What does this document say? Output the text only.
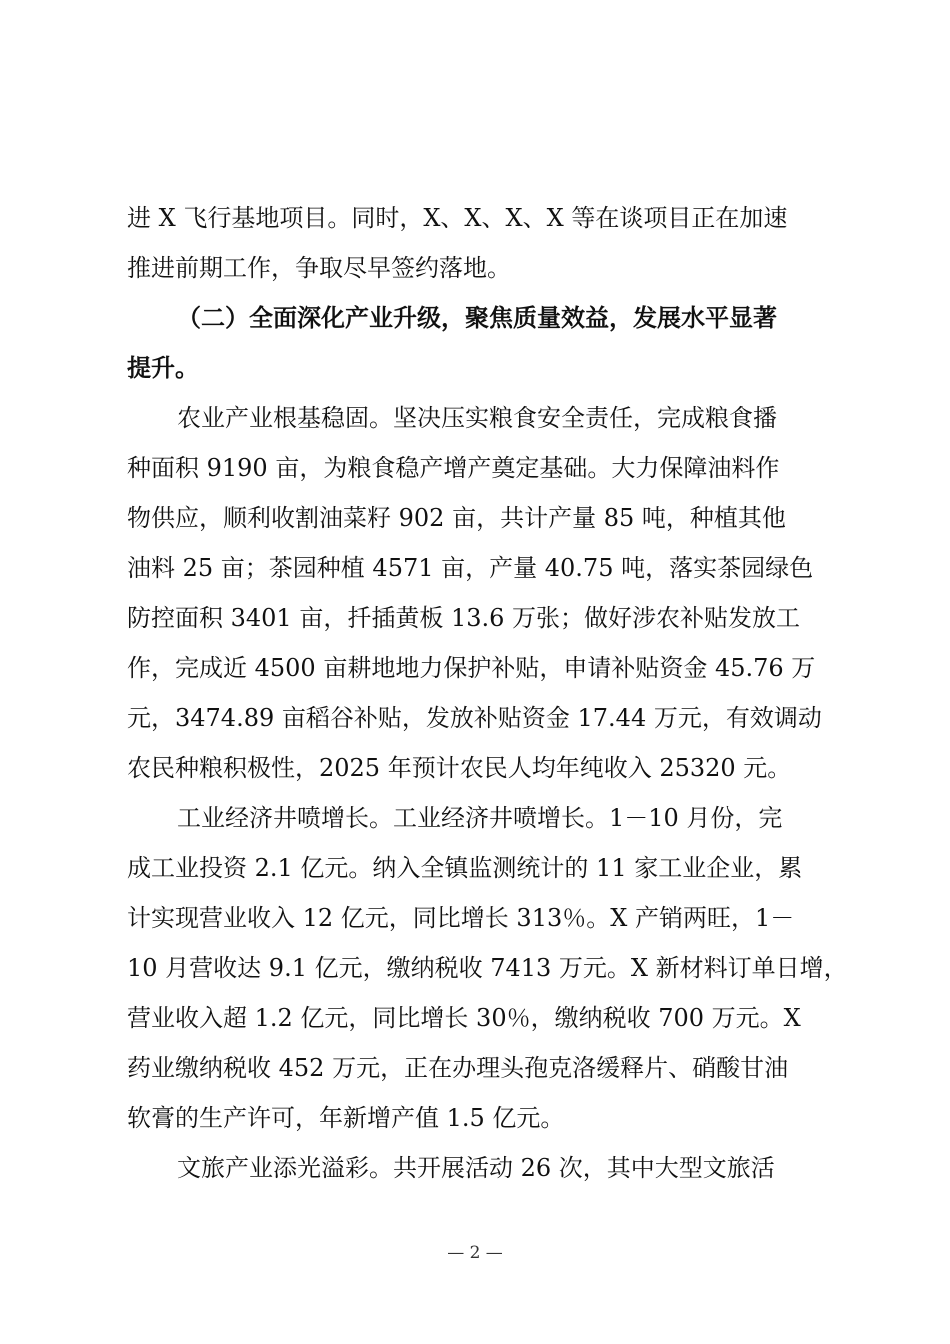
进 X 飞行基地项目。同时，X、X、X、X 等在谈项目正在加速
推进前期工作，争取尽早签约落地。
（二）全面深化产业升级，聚焦质量效益，发展水平显著
提升。
农业产业根基稳固。坚决压实粮食安全责任，完成粮食播
种面积 9190 亩，为粮食稳产增产奠定基础。大力保障油料作
物供应，顺利收割油菜籽 902 亩，共计产量 85 吨，种植其他
油料 25 亩；茶园种植 4571 亩，产量 40.75 吨，落实茶园绿色
防控面积 3401 亩，扦插黄板 13.6 万张；做好涉农补贴发放工
作，完成近 4500 亩耕地地力保护补贴，申请补贴资金 45.76 万
元，3474.89 亩稻谷补贴，发放补贴资金 17.44 万元，有效调动
农民种粮积极性，2025 年预计农民人均年纯收入 25320 元。
工业经济井喷增长。工业经济井喷增长。1－10 月份，完
成工业投资 2.1 亿元。纳入全镇监测统计的 11 家工业企业，累
计实现营业收入 12 亿元，同比增长 313％。X 产销两旺，1－
10 月营收达 9.1 亿元，缴纳税收 7413 万元。X 新材料订单日增，
营业收入超 1.2 亿元，同比增长 30％，缴纳税收 700 万元。X
药业缴纳税收 452 万元，正在办理头孢克洛缓释片、硝酸甘油
软膏的生产许可，年新增产值 1.5 亿元。
文旅产业添光溢彩。共开展活动 26 次，其中大型文旅活
— 2 —
